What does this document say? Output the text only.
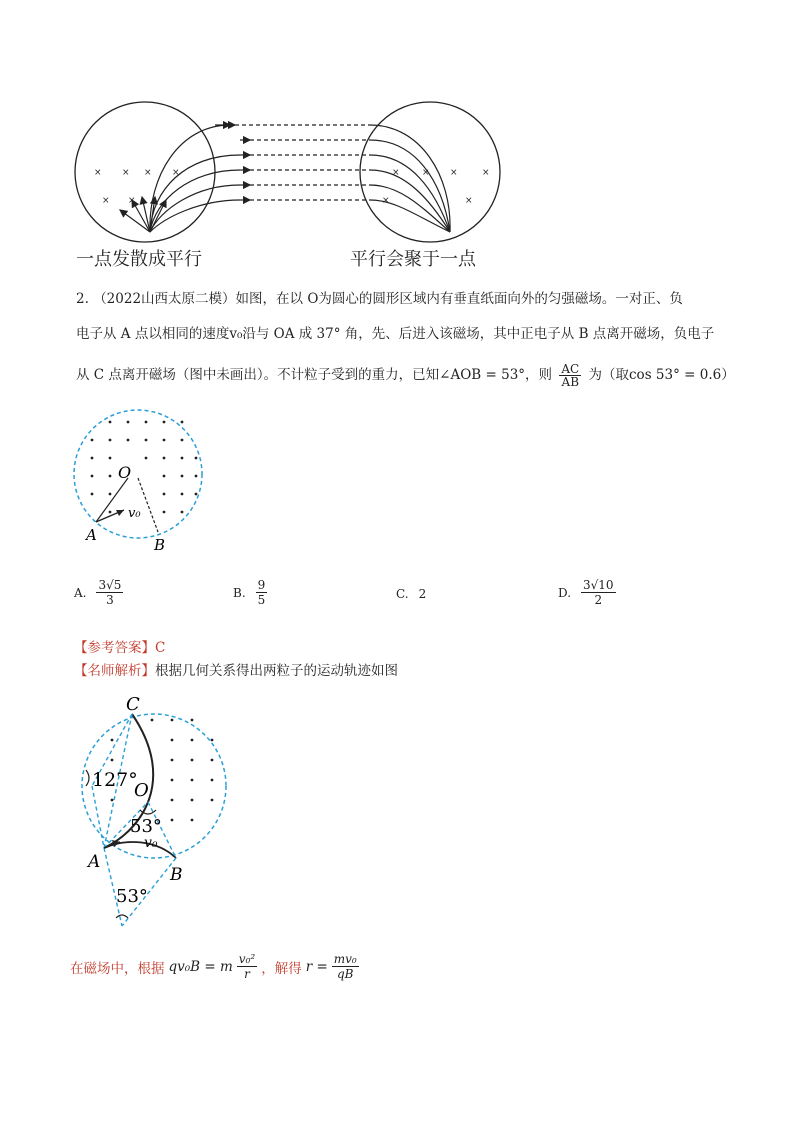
× × × ×
× ×
× × ×	×
×
×
一点发散成平行	平行会聚于一点
2. （2022山西太原二模）如图，在以 O为圆心的圆形区域内有垂直纸面向外的匀强磁场。一对正、负
电子从 A 点以相同的速度v₀沿与 OA 成 37° 角，先、后进入该磁场，其中正电子从 B 点离开磁场，负电子
从 C 点离开磁场（图中未画出）。不计粒子受到的重力，已知∠AOB = 53°，则 $\frac{AC}{AB}$ 为（取cos 53° = 0.6）
O
A
B
v₀
A. $\frac{3√5}{3}$	B. $\frac{9}{5}$	C. 2	D. $\frac{3√10}{2}$
【参考答案】C
【名师解析】根据几何关系得出两粒子的运动轨迹如图
C
O
A
B
127°
53°
53°
v₀
在磁场中，根据 qv₀B = m $\frac{\text{v₀²}}{r}$ ，解得 $r = \frac{\text{mv₀}}{qB}$
